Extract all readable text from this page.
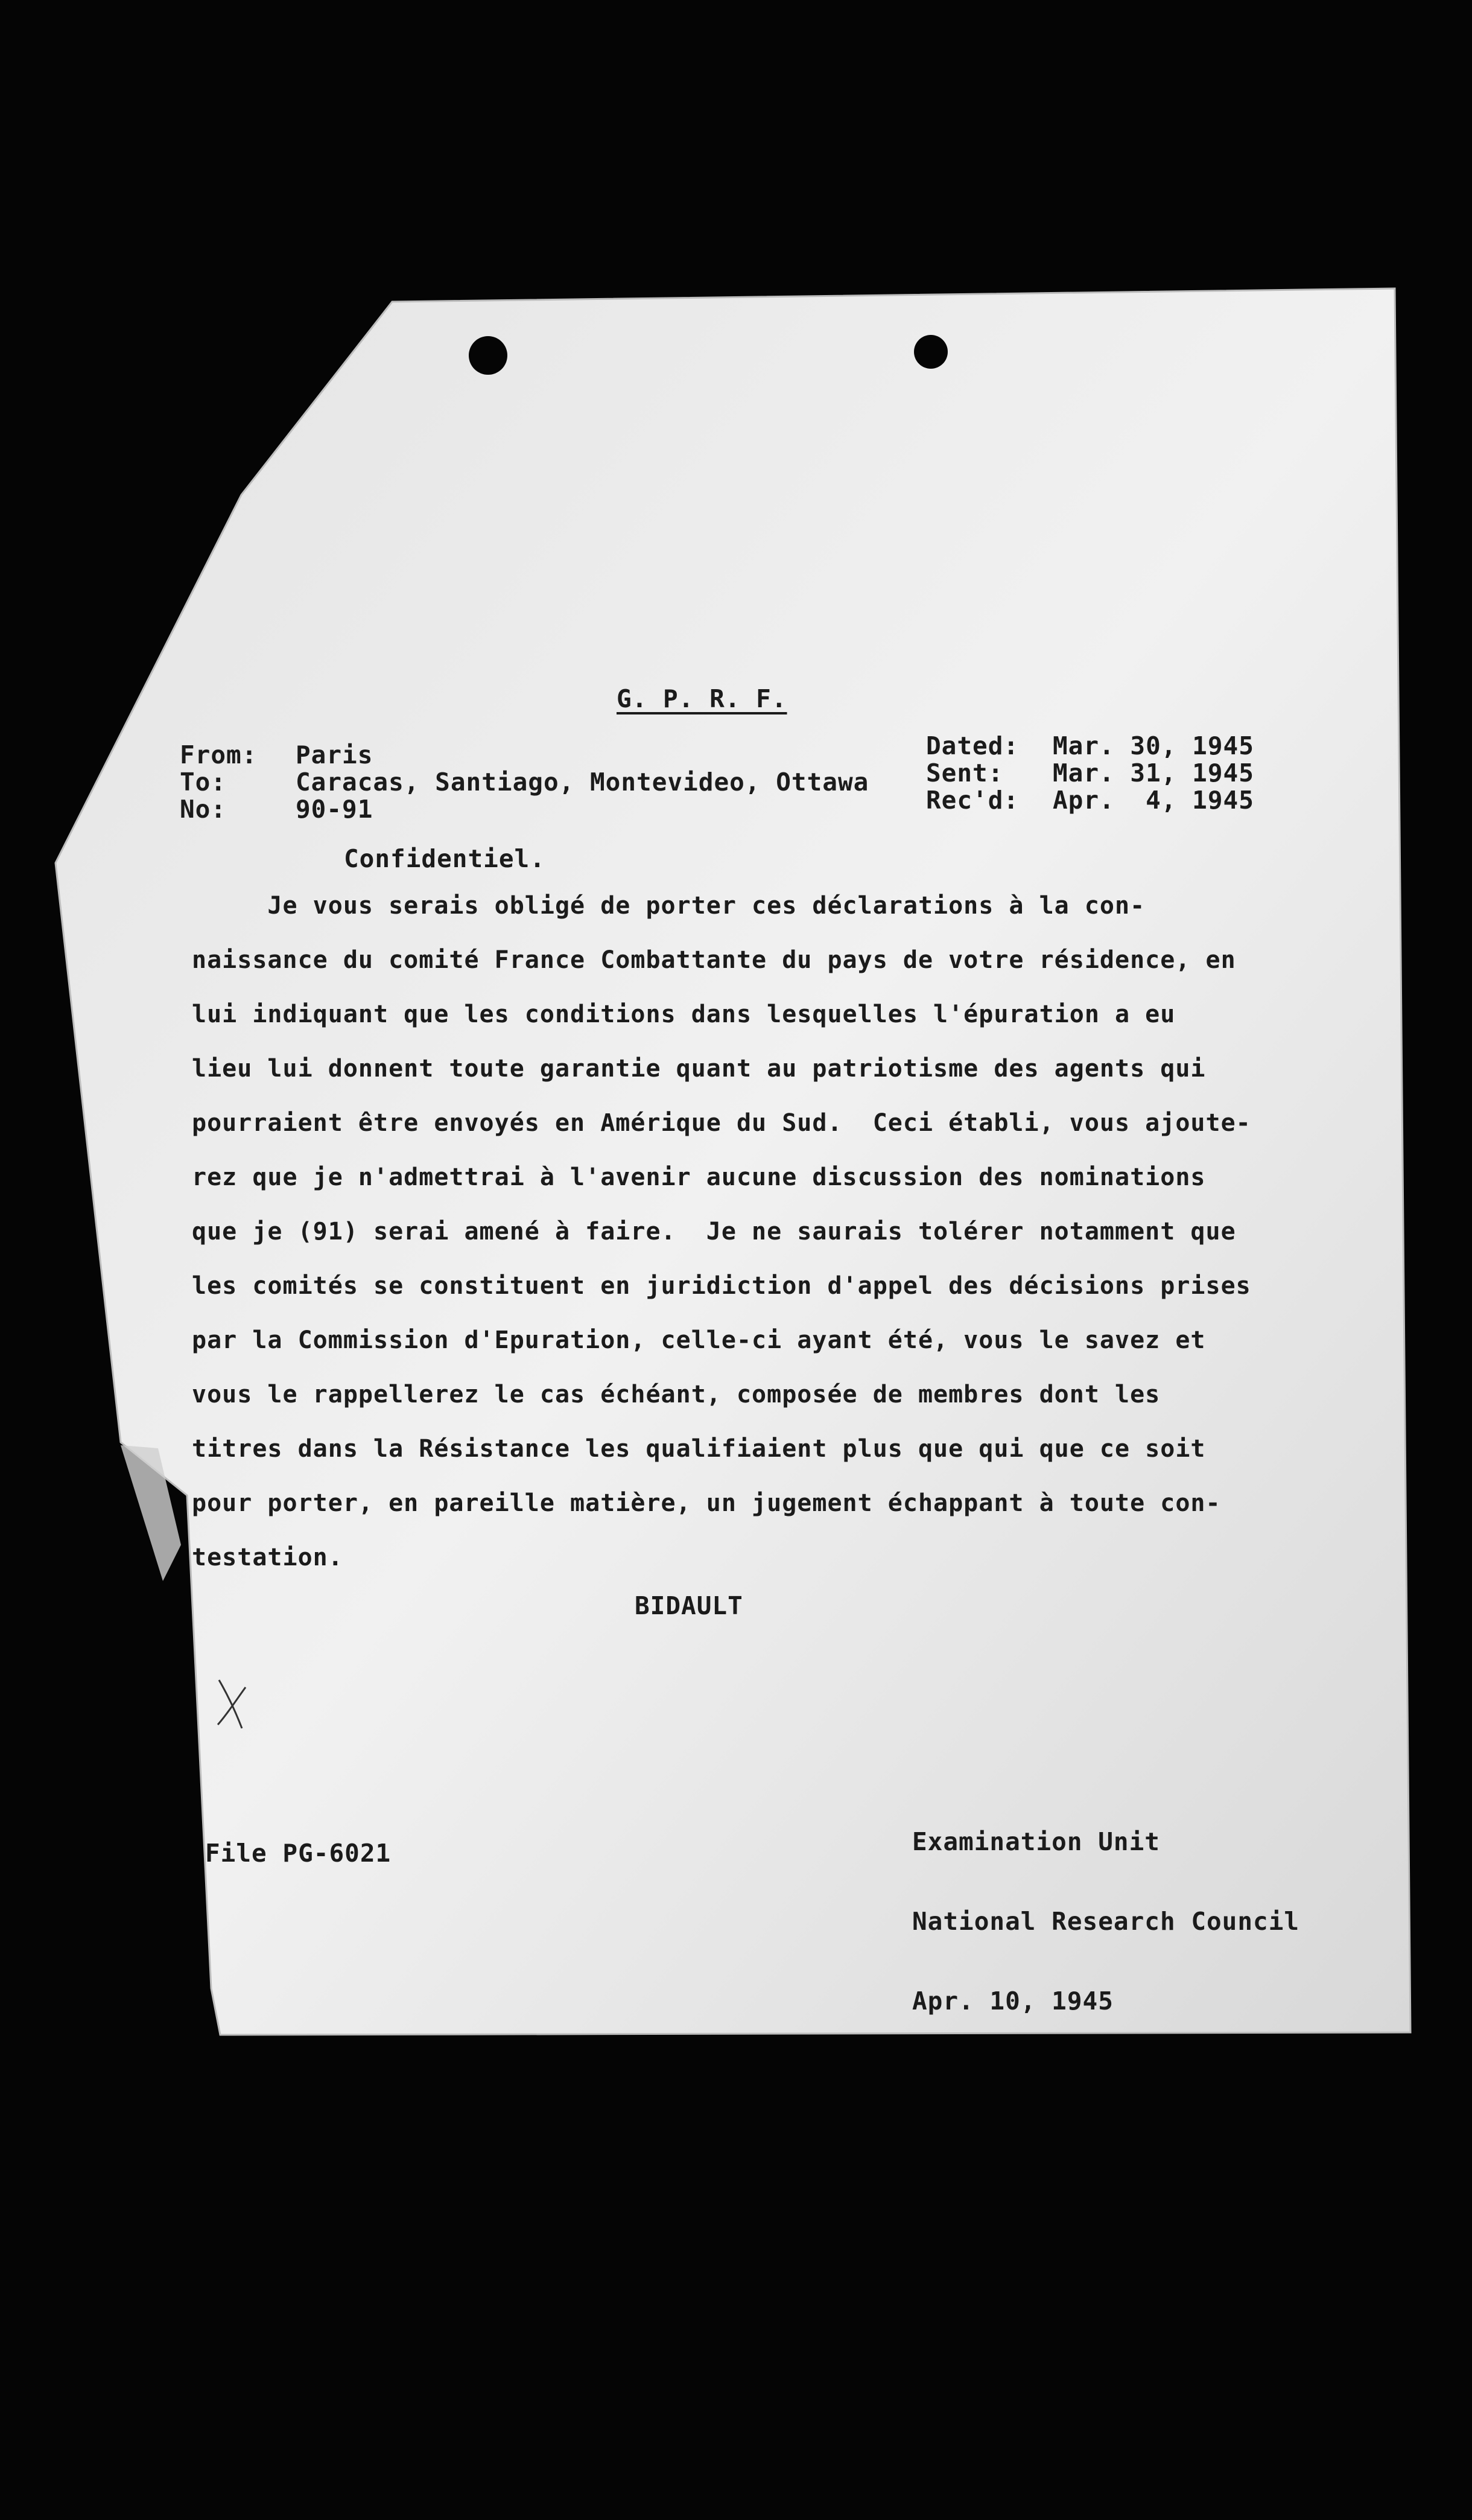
G. P. R. F.
From: Paris
To:	Caracas, Santiago, Montevideo, Ottawa
No:	90-91
Dated: Mar. 30, 1945
Sent: Mar. 31, 1945
Rec'd: Apr.  4, 1945
Confidentiel.
Je vous serais obligé de porter ces déclarations à la con-
naissance du comité France Combattante du pays de votre résidence, en
lui indiquant que les conditions dans lesquelles l'épuration a eu
lieu lui donnent toute garantie quant au patriotisme des agents qui
pourraient être envoyés en Amérique du Sud.  Ceci établi, vous ajoute-
rez que je n'admettrai à l'avenir aucune discussion des nominations
que je (91) serai amené à faire.  Je ne saurais tolérer notamment que
les comités se constituent en juridiction d'appel des décisions prises
par la Commission d'Epuration, celle-ci ayant été, vous le savez et
vous le rappellerez le cas échéant, composée de membres dont les
titres dans la Résistance les qualifiaient plus que qui que ce soit
pour porter, en pareille matière, un jugement échappant à toute con-
testation.
BIDAULT

Examination Unit

National Research Council

Apr. 10, 1945

File PG-6021
